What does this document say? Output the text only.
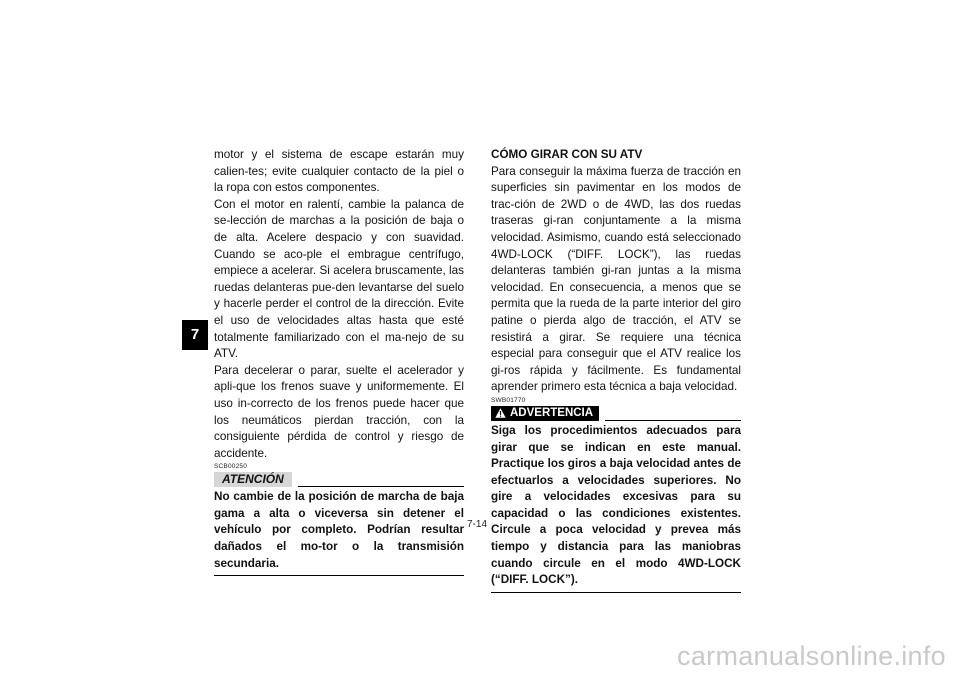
7

motor y el sistema de escape estarán muy calien-tes; evite cualquier contacto de la piel o la ropa con estos componentes.

Con el motor en ralentí, cambie la palanca de se-lección de marchas a la posición de baja o de alta. Acelere despacio y con suavidad. Cuando se aco-ple el embrague centrífugo, empiece a acelerar. Si acelera bruscamente, las ruedas delanteras pue-den levantarse del suelo y hacerle perder el control de la dirección. Evite el uso de velocidades altas hasta que esté totalmente familiarizado con el ma-nejo de su ATV.

Para decelerar o parar, suelte el acelerador y apli-que los frenos suave y uniformemente. El uso in-correcto de los frenos puede hacer que los neumáticos pierdan tracción, con la consiguiente pérdida de control y riesgo de accidente.

SCB00250
ATENCIÓN

No cambie de la posición de marcha de baja gama a alta o viceversa sin detener el vehículo por completo. Podrían resultar dañados el mo-tor o la transmisión secundaria.

CÓMO GIRAR CON SU ATV

Para conseguir la máxima fuerza de tracción en superficies sin pavimentar en los modos de trac-ción de 2WD o de 4WD, las dos ruedas traseras gi-ran conjuntamente a la misma velocidad. Asimismo, cuando está seleccionado 4WD-LOCK (“DIFF. LOCK”), las ruedas delanteras también gi-ran juntas a la misma velocidad. En consecuencia, a menos que se permita que la rueda de la parte interior del giro patine o pierda algo de tracción, el ATV se resistirá a girar. Se requiere una técnica especial para conseguir que el ATV realice los gi-ros rápida y fácilmente. Es fundamental aprender primero esta técnica a baja velocidad.

SWB01770
ADVERTENCIA

Siga los procedimientos adecuados para girar que se indican en este manual. Practique los giros a baja velocidad antes de efectuarlos a velocidades superiores. No gire a velocidades excesivas para su capacidad o las condiciones existentes. Circule a poca velocidad y prevea más tiempo y distancia para las maniobras cuando circule en el modo 4WD-LOCK (“DIFF. LOCK”).

7-14
carmanualsonline.info
